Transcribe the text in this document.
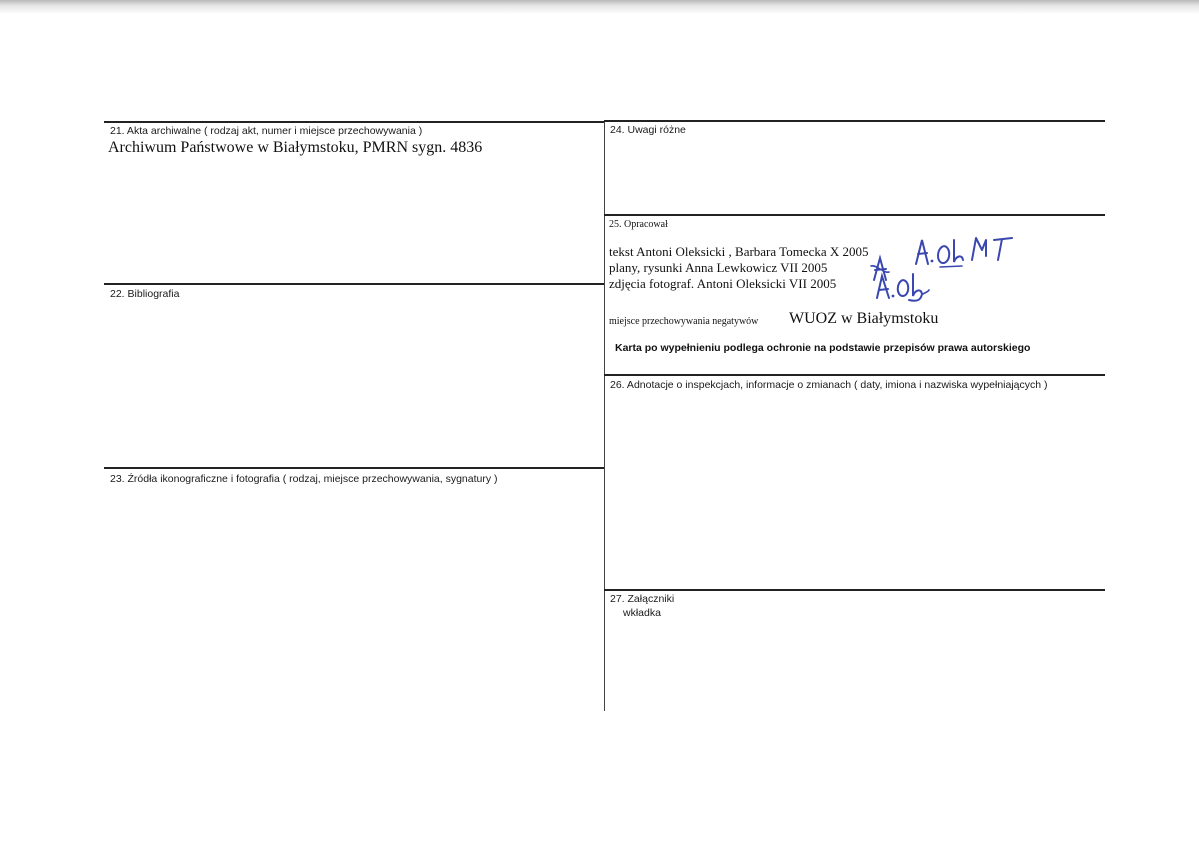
21. Akta archiwalne ( rodzaj akt, numer i miejsce przechowywania )
Archiwum Państwowe w Białymstoku, PMRN sygn. 4836
22. Bibliografia
23. Źródła ikonograficzne i fotografia ( rodzaj, miejsce przechowywania, sygnatury )
24. Uwagi różne
25. Opracował
tekst Antoni Oleksicki , Barbara Tomecka X 2005
plany, rysunki Anna Lewkowicz VII 2005
zdjęcia fotograf. Antoni Oleksicki VII 2005
miejsce przechowywania negatywów WUOZ w Białymstoku
Karta po wypełnieniu podlega ochronie na podstawie przepisów prawa autorskiego
26. Adnotacje o inspekcjach, informacje o zmianach ( daty, imiona i nazwiska wypełniających )
27. Załączniki
wkładka
